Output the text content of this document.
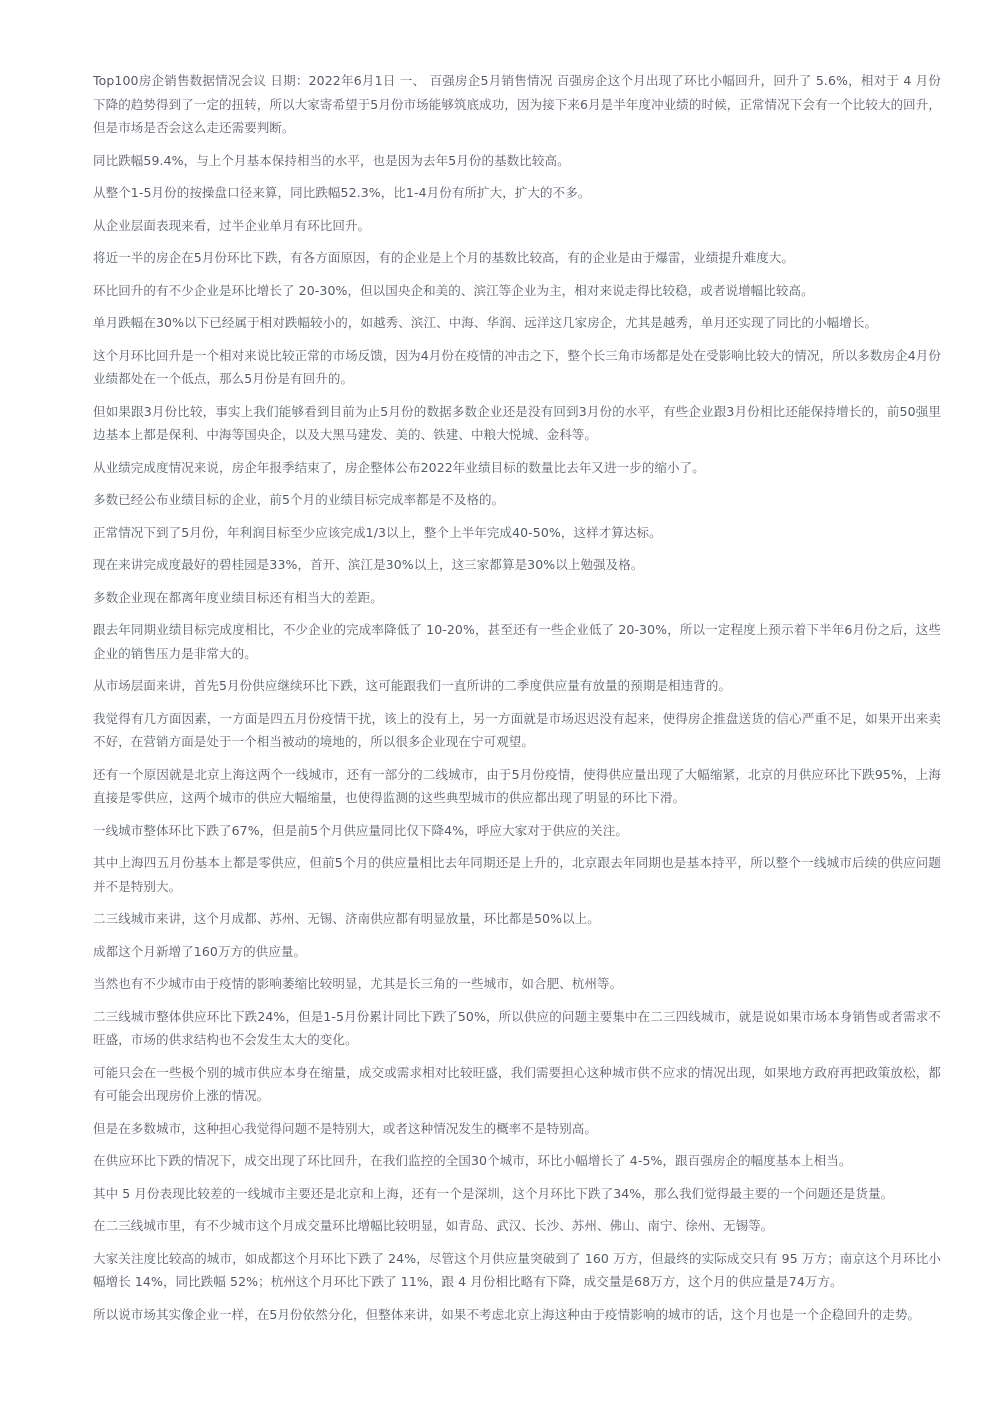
Top100房企销售数据情况会议 日期：2022年6月1日 一、 百强房企5月销售情况 百强房企这个月出现了环比小幅回升，回升了 5.6%，相对于 4 月份下降的趋势得到了一定的扭转，所以大家寄希望于5月份市场能够筑底成功，因为接下来6月是半年度冲业绩的时候，正常情况下会有一个比较大的回升，但是市场是否会这么走还需要判断。

同比跌幅59.4%，与上个月基本保持相当的水平，也是因为去年5月份的基数比较高。

从整个1-5月份的按操盘口径来算，同比跌幅52.3%，比1-4月份有所扩大，扩大的不多。

从企业层面表现来看，过半企业单月有环比回升。

将近一半的房企在5月份环比下跌，有各方面原因，有的企业是上个月的基数比较高，有的企业是由于爆雷，业绩提升难度大。

环比回升的有不少企业是环比增长了 20-30%，但以国央企和美的、滨江等企业为主，相对来说走得比较稳，或者说增幅比较高。

单月跌幅在30%以下已经属于相对跌幅较小的，如越秀、滨江、中海、华润、远洋这几家房企，尤其是越秀，单月还实现了同比的小幅增长。

这个月环比回升是一个相对来说比较正常的市场反馈，因为4月份在疫情的冲击之下，整个长三角市场都是处在受影响比较大的情况，所以多数房企4月份业绩都处在一个低点，那么5月份是有回升的。

但如果跟3月份比较，事实上我们能够看到目前为止5月份的数据多数企业还是没有回到3月份的水平，有些企业跟3月份相比还能保持增长的，前50强里边基本上都是保利、中海等国央企，以及大黑马建发、美的、铁建、中粮大悦城、金科等。

从业绩完成度情况来说，房企年报季结束了，房企整体公布2022年业绩目标的数量比去年又进一步的缩小了。

多数已经公布业绩目标的企业，前5个月的业绩目标完成率都是不及格的。

正常情况下到了5月份，年利润目标至少应该完成1/3以上，整个上半年完成40-50%，这样才算达标。

现在来讲完成度最好的碧桂园是33%，首开、滨江是30%以上，这三家都算是30%以上勉强及格。

多数企业现在都离年度业绩目标还有相当大的差距。

跟去年同期业绩目标完成度相比，不少企业的完成率降低了 10-20%，甚至还有一些企业低了 20-30%，所以一定程度上预示着下半年6月份之后，这些企业的销售压力是非常大的。

从市场层面来讲，首先5月份供应继续环比下跌，这可能跟我们一直所讲的二季度供应量有放量的预期是相违背的。

我觉得有几方面因素，一方面是四五月份疫情干扰，该上的没有上，另一方面就是市场迟迟没有起来，使得房企推盘送货的信心严重不足，如果开出来卖不好，在营销方面是处于一个相当被动的境地的，所以很多企业现在宁可观望。

还有一个原因就是北京上海这两个一线城市，还有一部分的二线城市，由于5月份疫情，使得供应量出现了大幅缩紧，北京的月供应环比下跌95%，上海直接是零供应，这两个城市的供应大幅缩量，也使得监测的这些典型城市的供应都出现了明显的环比下滑。

一线城市整体环比下跌了67%，但是前5个月供应量同比仅下降4%，呼应大家对于供应的关注。

其中上海四五月份基本上都是零供应，但前5个月的供应量相比去年同期还是上升的，北京跟去年同期也是基本持平，所以整个一线城市后续的供应问题并不是特别大。

二三线城市来讲，这个月成都、苏州、无锡、济南供应都有明显放量，环比都是50%以上。

成都这个月新增了160万方的供应量。

当然也有不少城市由于疫情的影响萎缩比较明显，尤其是长三角的一些城市，如合肥、杭州等。

二三线城市整体供应环比下跌24%，但是1-5月份累计同比下跌了50%，所以供应的问题主要集中在二三四线城市，就是说如果市场本身销售或者需求不旺盛，市场的供求结构也不会发生太大的变化。

可能只会在一些极个别的城市供应本身在缩量，成交或需求相对比较旺盛，我们需要担心这种城市供不应求的情况出现，如果地方政府再把政策放松，都有可能会出现房价上涨的情况。

但是在多数城市，这种担心我觉得问题不是特别大，或者这种情况发生的概率不是特别高。

在供应环比下跌的情况下，成交出现了环比回升，在我们监控的全国30个城市，环比小幅增长了 4-5%，跟百强房企的幅度基本上相当。

其中 5 月份表现比较差的一线城市主要还是北京和上海，还有一个是深圳，这个月环比下跌了34%，那么我们觉得最主要的一个问题还是货量。

在二三线城市里，有不少城市这个月成交量环比增幅比较明显，如青岛、武汉、长沙、苏州、佛山、南宁、徐州、无锡等。

大家关注度比较高的城市，如成都这个月环比下跌了 24%，尽管这个月供应量突破到了 160 万方，但最终的实际成交只有 95 万方；南京这个月环比小幅增长 14%，同比跌幅 52%；杭州这个月环比下跌了 11%，跟 4 月份相比略有下降，成交量是68万方，这个月的供应量是74万方。

所以说市场其实像企业一样，在5月份依然分化，但整体来讲，如果不考虑北京上海这种由于疫情影响的城市的话，这个月也是一个企稳回升的走势。
